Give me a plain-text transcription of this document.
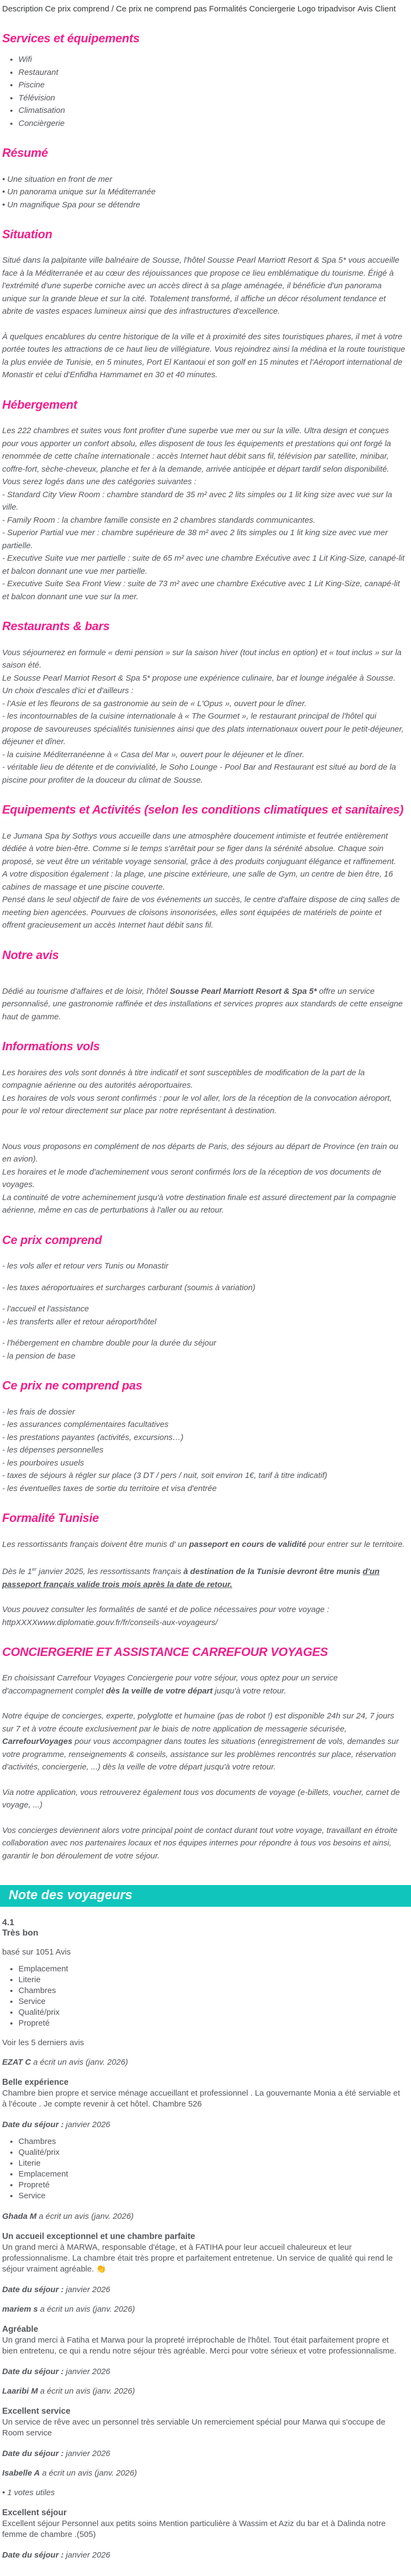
Description Ce prix comprend / Ce prix ne comprend pas Formalités Conciergerie Logo tripadvisor Avis Client
Services et équipements
• Wifi
• Restaurant
• Piscine
• Télévision
• Climatisation
• Concièrgerie
Résumé
• Une situation en front de mer
• Un panorama unique sur la Méditerranée
• Un magnifique Spa pour se détendre
Situation
Situé dans la palpitante ville balnéaire de Sousse, l'hôtel Sousse Pearl Marriott Resort & Spa 5* vous accueille face à la Méditerranée et au cœur des réjouissances que propose ce lieu emblématique du tourisme. Érigé à l'extrémité d'une superbe corniche avec un accès direct à sa plage aménagée, il bénéficie d'un panorama unique sur la grande bleue et sur la cité. Totalement transformé, il affiche un décor résolument tendance et abrite de vastes espaces lumineux ainsi que des infrastructures d'excellence.
À quelques encablures du centre historique de la ville et à proximité des sites touristiques phares, il met à votre portée toutes les attractions de ce haut lieu de villégiature. Vous rejoindrez ainsi la médina et la route touristique la plus enviée de Tunisie, en 5 minutes, Port El Kantaoui et son golf en 15 minutes et l'Aéroport international de Monastir et celui d'Enfidha Hammamet en 30 et 40 minutes.
Hébergement
Les 222 chambres et suites vous font profiter d'une superbe vue mer ou sur la ville. Ultra design et conçues pour vous apporter un confort absolu, elles disposent de tous les équipements et prestations qui ont forgé la renommée de cette chaîne internationale : accès Internet haut débit sans fil, télévision par satellite, minibar, coffre-fort, sèche-cheveux, planche et fer à la demande, arrivée anticipée et départ tardif selon disponibilité.
Vous serez logés dans une des catégories suivantes :
- Standard City View Room : chambre standard de 35 m² avec 2 lits simples ou 1 lit king size avec vue sur la ville.
- Family Room : la chambre famille consiste en 2 chambres standards communicantes.
- Superior Partial vue mer : chambre supérieure de 38 m² avec 2 lits simples ou 1 lit king size avec vue mer partielle.
- Executive Suite vue mer partielle : suite de 65 m² avec une chambre Exécutive avec 1 Lit King-Size, canapé-lit et balcon donnant une vue mer partielle.
- Executive Suite Sea Front View : suite de 73 m² avec une chambre Exécutive avec 1 Lit King-Size, canapé-lit et balcon donnant une vue sur la mer.
Restaurants & bars
Vous séjournerez en formule « demi pension » sur la saison hiver (tout inclus en option) et « tout inclus » sur la saison été.
Le Sousse Pearl Marriot Resort & Spa 5* propose une expérience culinaire, bar et lounge inégalée à Sousse. Un choix d'escales d'ici et d'ailleurs :
- l'Asie et les fleurons de sa gastronomie au sein de « L'Opus », ouvert pour le dîner.
- les incontournables de la cuisine internationale à « The Gourmet », le restaurant principal de l'hôtel qui propose de savoureuses spécialités tunisiennes ainsi que des plats internationaux ouvert pour le petit-déjeuner, déjeuner et dîner.
- la cuisine Méditerranéenne à « Casa del Mar », ouvert pour le déjeuner et le dîner.
- véritable lieu de détente et de convivialité, le Soho Lounge - Pool Bar and Restaurant est situé au bord de la piscine pour profiter de la douceur du climat de Sousse.
Equipements et Activités (selon les conditions climatiques et sanitaires)
Le Jumana Spa by Sothys vous accueille dans une atmosphère doucement intimiste et feutrée entièrement dédiée à votre bien-être. Comme si le temps s'arrêtait pour se figer dans la sérénité absolue. Chaque soin proposé, se veut être un véritable voyage sensorial, grâce à des produits conjuguant élégance et raffinement.
A votre disposition également : la plage, une piscine extérieure, une salle de Gym, un centre de bien être, 16 cabines de massage et une piscine couverte.
Pensé dans le seul objectif de faire de vos événements un succès, le centre d'affaire dispose de cinq salles de meeting bien agencées. Pourvues de cloisons insonorisées, elles sont équipées de matériels de pointe et offrent gracieusement un accès Internet haut débit sans fil.
Notre avis
Dédié au tourisme d'affaires et de loisir, l'hôtel Sousse Pearl Marriott Resort & Spa 5* offre un service personnalisé, une gastronomie raffinée et des installations et services propres aux standards de cette enseigne haut de gamme.
Informations vols
Les horaires des vols sont donnés à titre indicatif et sont susceptibles de modification de la part de la compagnie aérienne ou des autorités aéroportuaires.
Les horaires de vols vous seront confirmés : pour le vol aller, lors de la réception de la convocation aéroport, pour le vol retour directement sur place par notre représentant à destination.
Nous vous proposons en complément de nos départs de Paris, des séjours au départ de Province (en train ou en avion).
Les horaires et le mode d'acheminement vous seront confirmés lors de la réception de vos documents de voyages.
La continuité de votre acheminement jusqu'à votre destination finale est assuré directement par la compagnie aérienne, même en cas de perturbations à l'aller ou au retour.
Ce prix comprend
- les vols aller et retour vers Tunis ou Monastir
- les taxes aéroportuaires et surcharges carburant (soumis à variation)
- l'accueil et l'assistance
- les transferts aller et retour aéroport/hôtel
- l'hébergement en chambre double pour la durée du séjour
- la pension de base
Ce prix ne comprend pas
- les frais de dossier
- les assurances complémentaires facultatives
- les prestations payantes (activités, excursions…)
- les dépenses personnelles
- les pourboires usuels
- taxes de séjours à régler sur place (3 DT / pers / nuit, soit environ 1€, tarif à titre indicatif)
- les éventuelles taxes de sortie du territoire et visa d'entrée
Formalité Tunisie
Les ressortissants français doivent être munis d' un passeport en cours de validité pour entrer sur le territoire.
Dès le 1er janvier 2025, les ressortissants français à destination de la Tunisie devront être munis d'un passeport français valide trois mois après la date de retour.
Vous pouvez consulter les formalités de santé et de police nécessaires pour votre voyage :
httpXXXXwww.diplomatie.gouv.fr/fr/conseils-aux-voyageurs/
CONCIERGERIE ET ASSISTANCE CARREFOUR VOYAGES
En choisissant Carrefour Voyages Conciergerie pour votre séjour, vous optez pour un service d'accompagnement complet dès la veille de votre départ jusqu'à votre retour.
Notre équipe de concierges, experte, polyglotte et humaine (pas de robot !) est disponible 24h sur 24, 7 jours sur 7 et à votre écoute exclusivement par le biais de notre application de messagerie sécurisée, CarrefourVoyages pour vous accompagner dans toutes les situations (enregistrement de vols, demandes sur votre programme, renseignements & conseils, assistance sur les problèmes rencontrés sur place, réservation d'activités, conciergerie, ...) dès la veille de votre départ jusqu'à votre retour.
Via notre application, vous retrouverez également tous vos documents de voyage (e-billets, voucher, carnet de voyage, ...)
Vos concierges deviennent alors votre principal point de contact durant tout votre voyage, travaillant en étroite collaboration avec nos partenaires locaux et nos équipes internes pour répondre à tous vos besoins et ainsi, garantir le bon déroulement de votre séjour.
Note des voyageurs
4.1
Très bon
basé sur 1051 Avis
• Emplacement
• Literie
• Chambres
• Service
• Qualité/prix
• Propreté
Voir les 5 derniers avis
EZAT C a écrit un avis (janv. 2026)
Belle expérience
Chambre bien propre et service ménage accueillant et professionnel . La gouvernante Monia a été serviable et à l'écoute . Je compte revenir à cet hôtel. Chambre 526
Date du séjour : janvier 2026
• Chambres
• Qualité/prix
• Literie
• Emplacement
• Propreté
• Service
Ghada M a écrit un avis (janv. 2026)
Un accueil exceptionnel et une chambre parfaite
Un grand merci à MARWA, responsable d'étage, et à FATIHA pour leur accueil chaleureux et leur professionnalisme. La chambre était très propre et parfaitement entretenue. Un service de qualité qui rend le séjour vraiment agréable. 👏
Date du séjour : janvier 2026
mariem s a écrit un avis (janv. 2026)
Agréable
Un grand merci à Fatiha et Marwa pour la propreté irréprochable de l'hôtel. Tout était parfaitement propre et bien entretenu, ce qui a rendu notre séjour très agréable. Merci pour votre sérieux et votre professionnalisme.
Date du séjour : janvier 2026
Laaribi M a écrit un avis (janv. 2026)
Excellent service
Un service de rêve avec un personnel très serviable Un remerciement spécial pour Marwa qui s'occupe de Room service
Date du séjour : janvier 2026
Isabelle A a écrit un avis (janv. 2026)
• 1 votes utiles
Excellent séjour
Excellent séjour Personnel aux petits soins Mention particulière à Wassim et Aziz du bar et à Dalinda notre femme de chambre .(505)
Date du séjour : janvier 2026
